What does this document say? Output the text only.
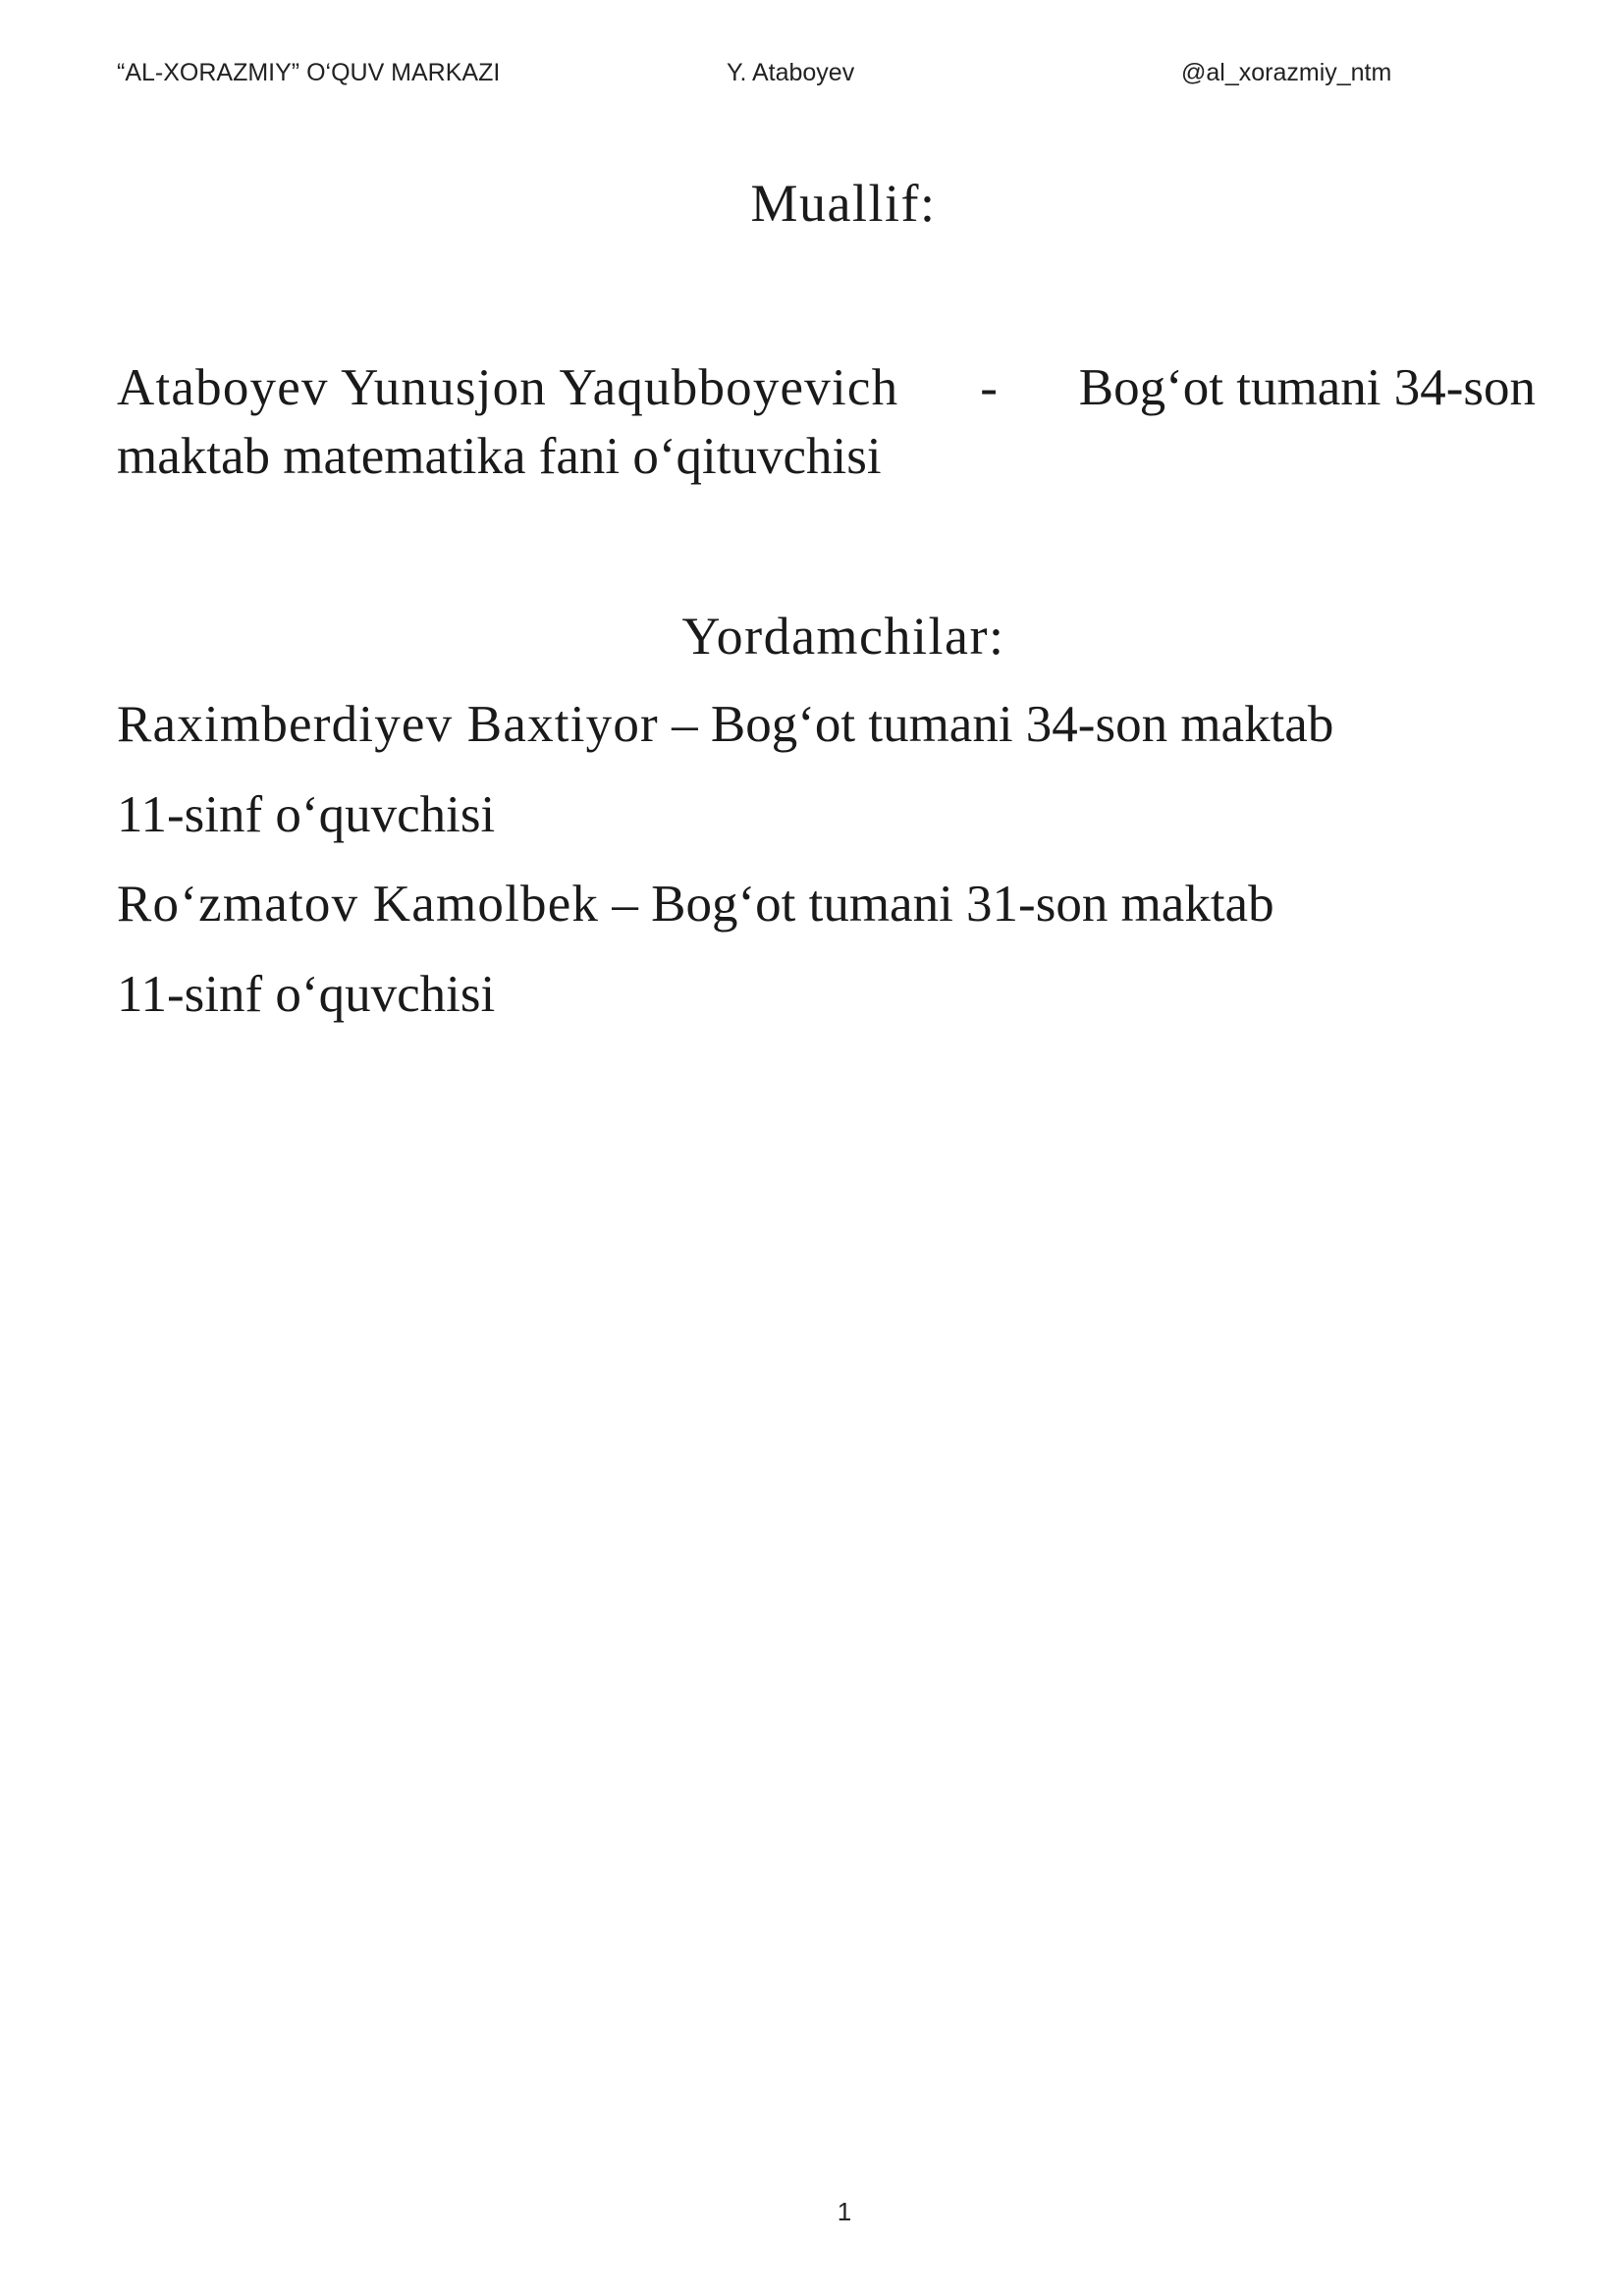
“AL-XORAZMIY” O‘QUV MARKAZI	Y. Ataboyev	@al_xorazmiy_ntm
Muallif:
Ataboyev Yunusjon Yaqubboyevich - Bog‘ot tumani 34-son
maktab matematika fani o‘qituvchisi
Yordamchilar:
Raximberdiyev Baxtiyor – Bog‘ot tumani 34-son maktab
11-sinf o‘quvchisi
Ro‘zmatov Kamolbek – Bog‘ot tumani 31-son maktab
11-sinf o‘quvchisi
1
